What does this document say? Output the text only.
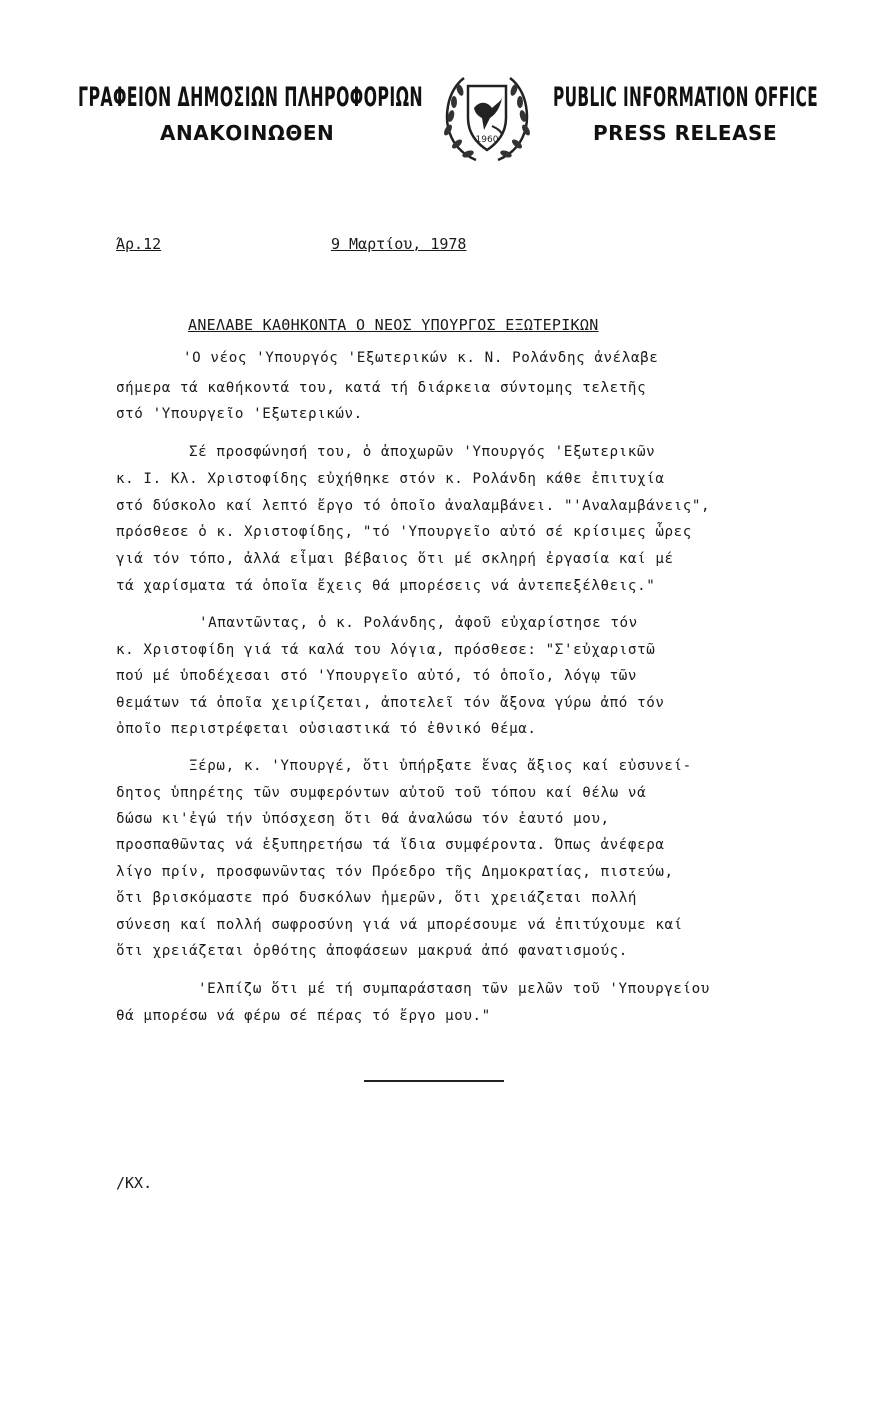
ΓΡΑΦΕΙΟΝ ΔΗΜΟΣΙΩΝ ΠΛΗΡΟΦΟΡΙΩΝ
ΑΝΑΚΟΙΝΩΘΕΝ
PUBLIC INFORMATION OFFICE
PRESS RELEASE
1960
Άρ.12	9 Μαρτίου, 1978
ΑΝΕΛΑΒΕ ΚΑΘΗΚΟΝΤΑ Ο ΝΕΟΣ ΥΠΟΥΡΓΟΣ ΕΞΩΤΕΡΙΚΩΝ
'Ο νέος 'Υπουργός 'Εξωτερικών κ. Ν. Ρολάνδης ἀνέλαβε
σήμερα τά καθήκοντά του, κατά τή διάρκεια σύντομης τελετῆς
στό 'Υπουργεῖο 'Εξωτερικών.
Σέ προσφώνησή του, ὁ ἀποχωρῶν 'Υπουργός 'Εξωτερικῶν
κ. Ι. Κλ. Χριστοφίδης εὐχήθηκε στόν κ. Ρολάνδη κάθε ἐπιτυχία
στό δύσκολο καί λεπτό ἔργο τό ὁποῖο ἀναλαμβάνει. "'Αναλαμβάνεις",
πρόσθεσε ὁ κ. Χριστοφίδης, "τό 'Υπουργεῖο αὐτό σέ κρίσιμες ὧρες
γιά τόν τόπο, ἀλλά εἶμαι βέβαιος ὅτι μέ σκληρή ἐργασία καί μέ
τά χαρίσματα τά ὁποῖα ἔχεις θά μπορέσεις νά ἀντεπεξέλθεις."
'Απαντῶντας, ὁ κ. Ρολάνδης, ἀφοῦ εὐχαρίστησε τόν
κ. Χριστοφίδη γιά τά καλά του λόγια, πρόσθεσε: "Σ'εὐχαριστῶ
πού μέ ὑποδέχεσαι στό 'Υπουργεῖο αὐτό, τό ὁποῖο, λόγῳ τῶν
θεμάτων τά ὁποῖα χειρίζεται, ἀποτελεῖ τόν ἄξονα γύρω ἀπό τόν
ὁποῖο περιστρέφεται οὐσιαστικά τό ἐθνικό θέμα.
Ξέρω, κ. 'Υπουργέ, ὅτι ὑπήρξατε ἕνας ἄξιος καί εὐσυνεί-
δητος ὑπηρέτης τῶν συμφερόντων αὐτοῦ τοῦ τόπου καί θέλω νά
δώσω κι'ἐγώ τήν ὑπόσχεση ὅτι θά ἀναλώσω τόν ἑαυτό μου,
προσπαθῶντας νά ἐξυπηρετήσω τά ἴδια συμφέροντα. Όπως ἀνέφερα
λίγο πρίν, προσφωνῶντας τόν Πρόεδρο τῆς Δημοκρατίας, πιστεύω,
ὅτι βρισκόμαστε πρό δυσκόλων ἡμερῶν, ὅτι χρειάζεται πολλή
σύνεση καί πολλή σωφροσύνη γιά νά μπορέσουμε νά ἐπιτύχουμε καί
ὅτι χρειάζεται ὀρθότης ἀποφάσεων μακρυά ἀπό φανατισμούς.
'Ελπίζω ὅτι μέ τή συμπαράσταση τῶν μελῶν τοῦ 'Υπουργείου
θά μπορέσω νά φέρω σέ πέρας τό ἔργο μου."
/ΚΧ.
